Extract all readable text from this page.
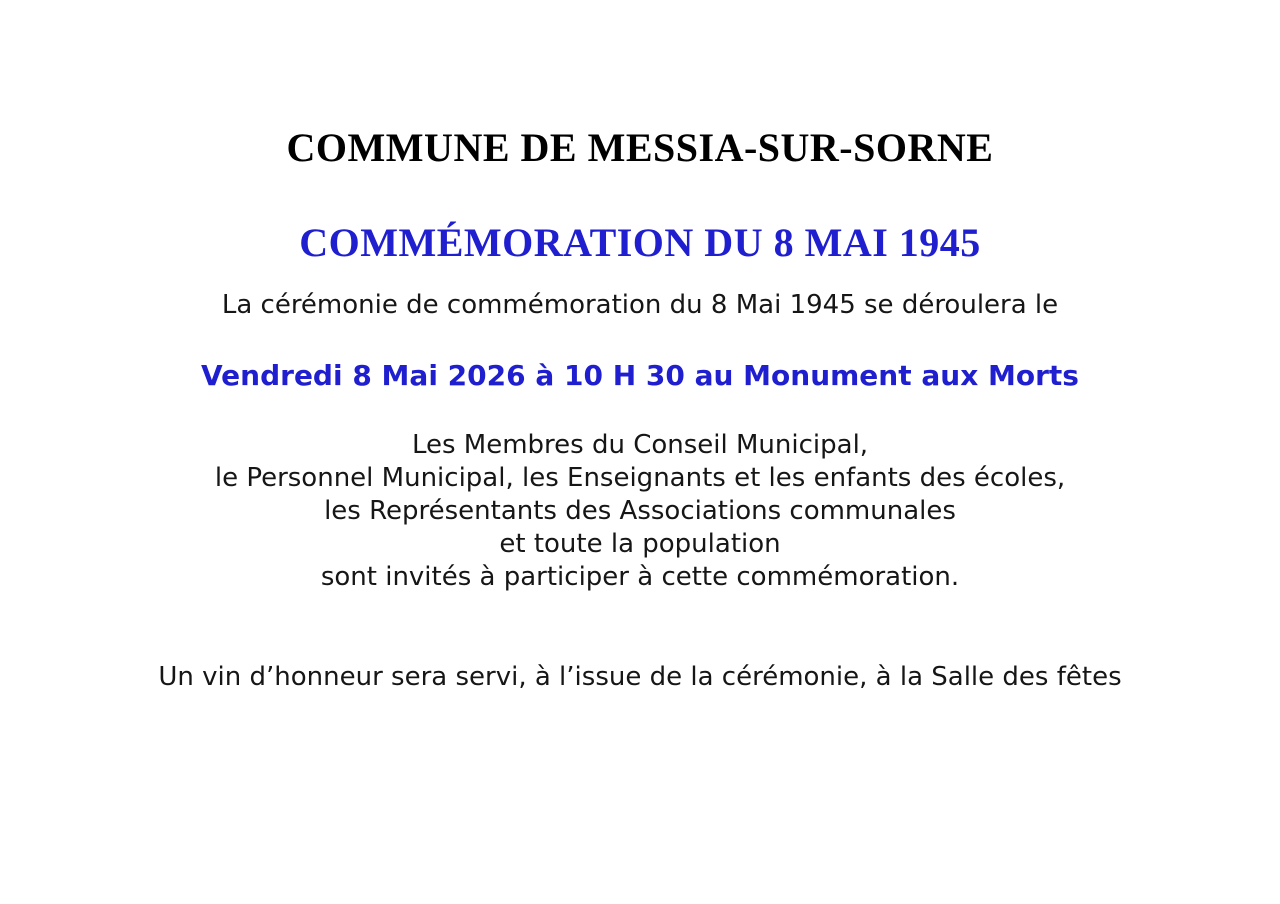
COMMUNE DE MESSIA-SUR-SORNE
COMMÉMORATION DU 8 MAI 1945
La cérémonie de commémoration du 8 Mai 1945 se déroulera le
Vendredi 8 Mai 2026 à 10 H 30 au Monument aux Morts
Les Membres du Conseil Municipal,
le Personnel Municipal, les Enseignants et les enfants des écoles,
les Représentants des Associations communales
et toute la population
sont invités à participer à cette commémoration.
Un vin d’honneur sera servi, à l’issue de la cérémonie, à la Salle des fêtes
